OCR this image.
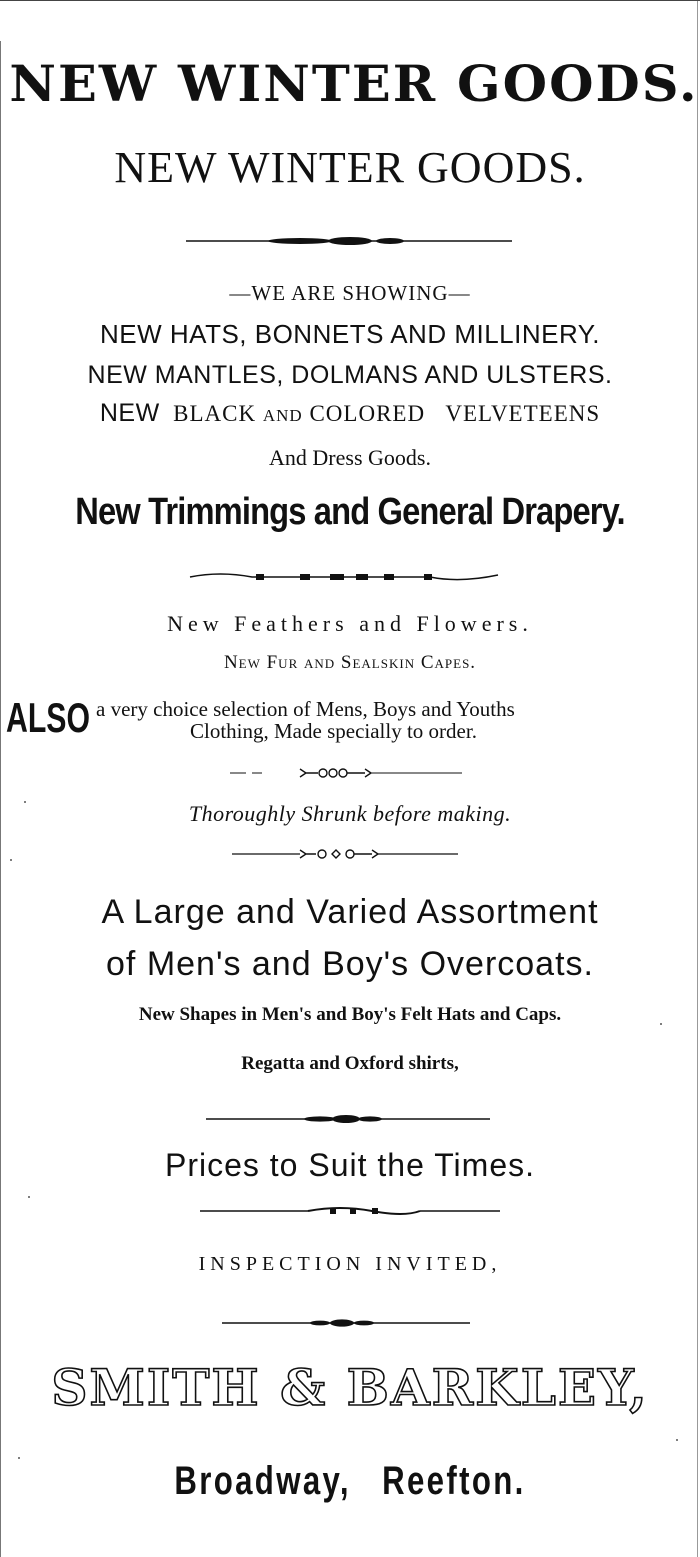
NEW WINTER GOODS.
NEW WINTER GOODS.
—WE ARE SHOWING—
NEW HATS, BONNETS AND MILLINERY.
NEW MANTLES, DOLMANS AND ULSTERS.
NEW BLACK AND COLORED VELVETEENS
And Dress Goods.
New Trimmings and General Drapery.
New Feathers and Flowers.
New Fur and Sealskin Capes.
ALSO a very choice selection of Mens, Boys and Youths
Clothing, Made specially to order.
Thoroughly Shrunk before making.
A Large and Varied Assortment
of Men's and Boy's Overcoats.
New Shapes in Men's and Boy's Felt Hats and Caps.
Regatta and Oxford shirts,
Prices to Suit the Times.
INSPECTION INVITED,
SMITH & BARKLEY,
Broadway, Reefton.
